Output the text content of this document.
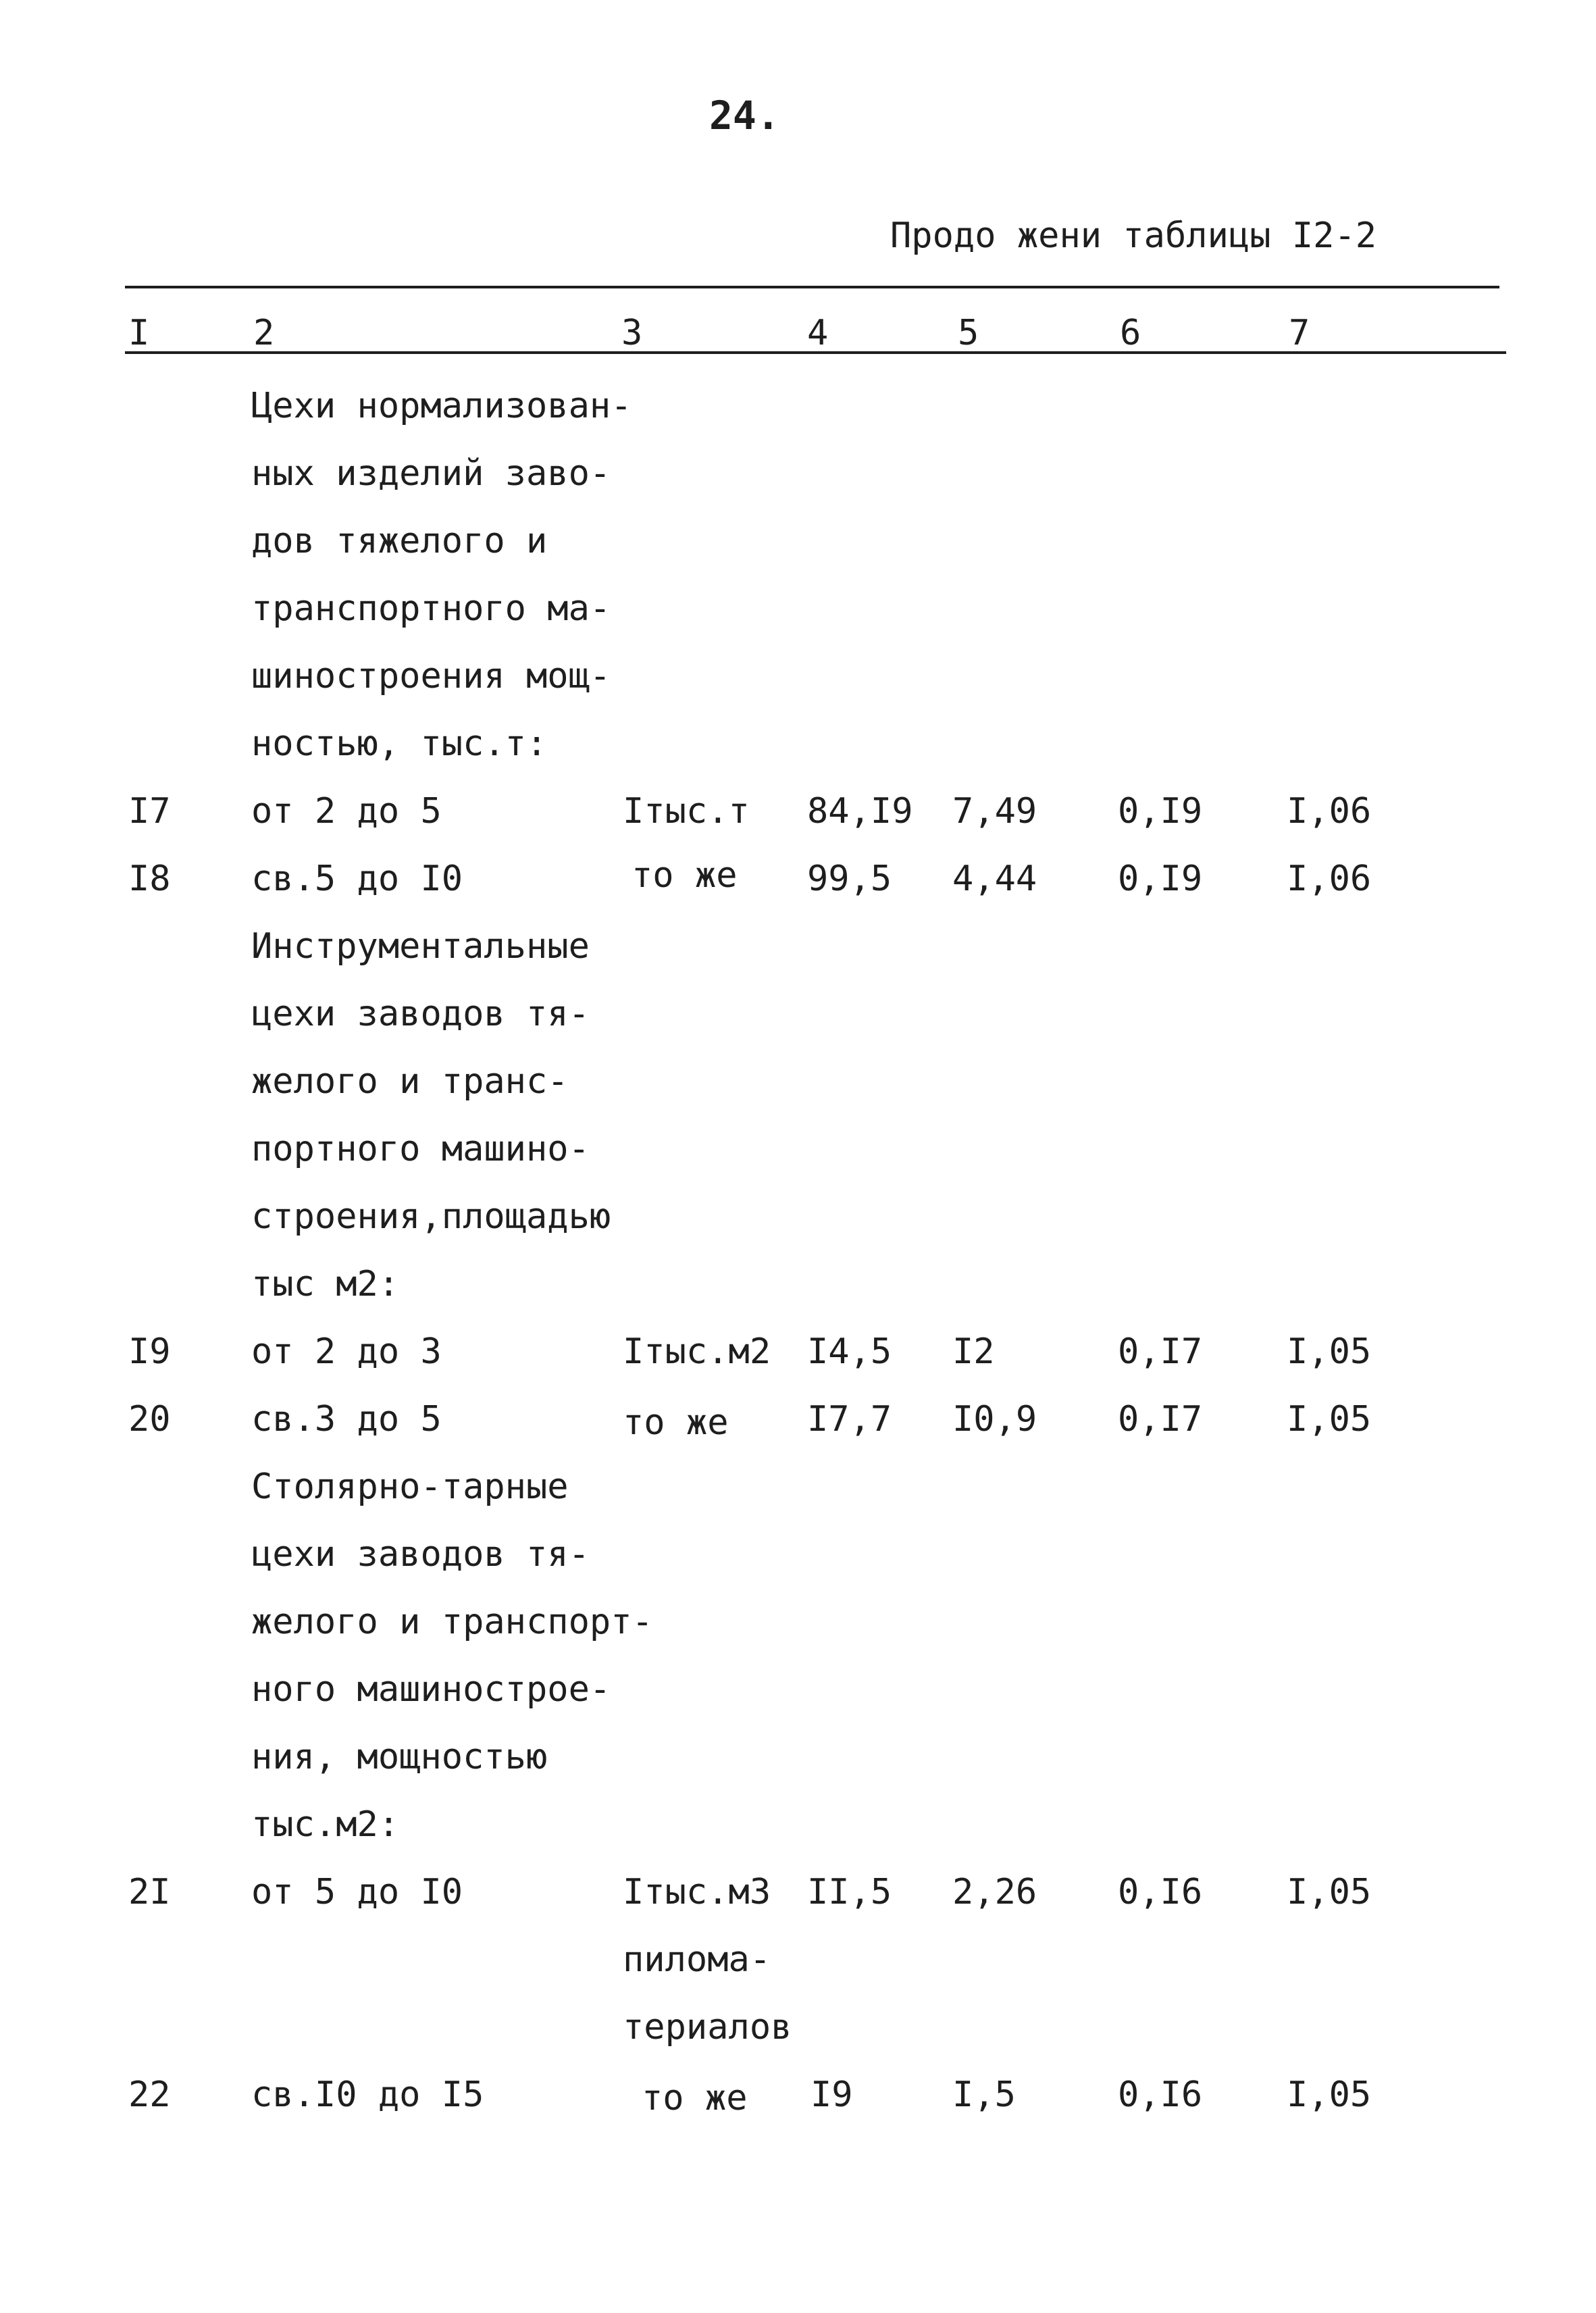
24.
Продо жени таблицы I2-2
I	2	3	4	5	6	7
Цехи нормализован-
ных изделий заво-
дов тяжелого и
транспортного ма-
шиностроения мощ-
ностью, тыс.т:
I7 от 2 до 5	Iтыс.т 84,I9 7,49 0,I9 I,06
I8 св.5 до I0	то же 99,5 4,44 0,I9 I,06
Инструментальные
цехи заводов тя-
желого и транс-
портного машино-
строения,площадью
тыс м2:
I9 от 2 до 3	Iтыс.м2 I4,5 I2	0,I7 I,05
20 св.3 до 5	то же I7,7 I0,9 0,I7 I,05
Столярно-тарные
цехи заводов тя-
желого и транспорт-
ного машинострое-
ния, мощностью
тыс.м2:
2I от 5 до I0	Iтыс.м3 II,5 2,26 0,I6 I,05
пилома-
териалов
22 св.I0 до I5	то же I9	I,5	0,I6 I,05
